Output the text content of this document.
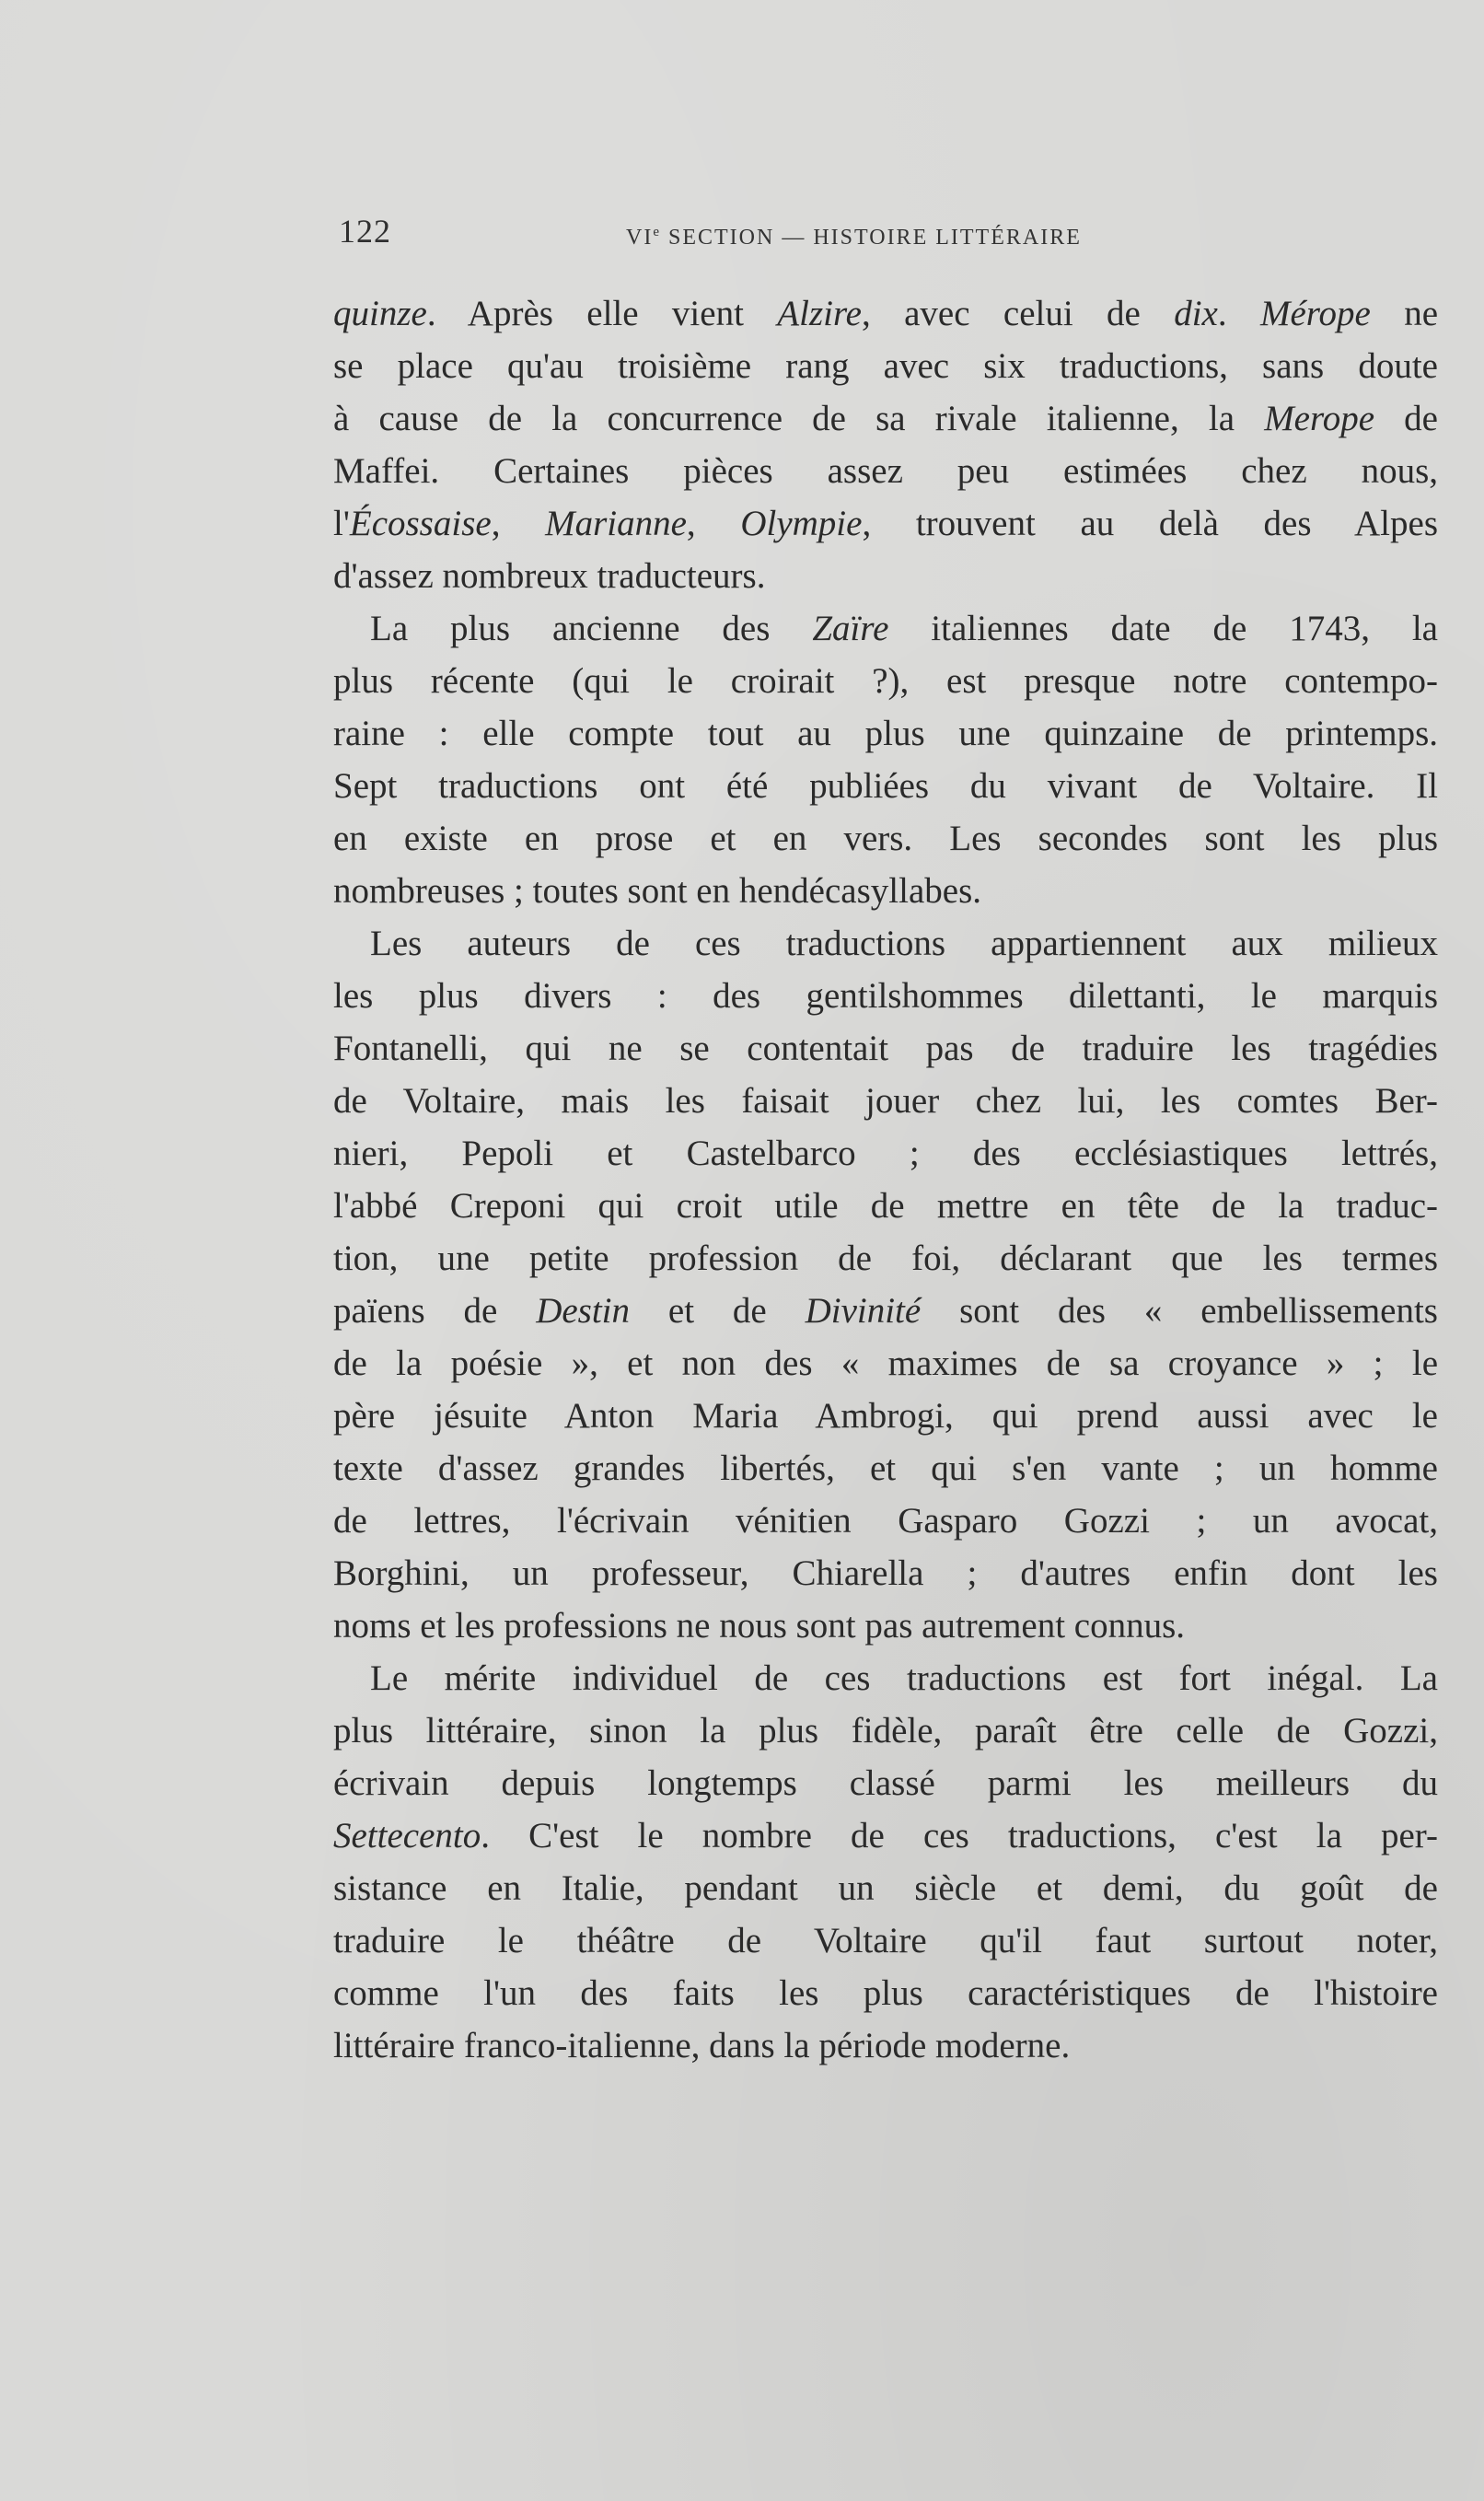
122	VIe SECTION — HISTOIRE LITTÉRAIRE
quinze. Après elle vient Alzire, avec celui de dix. Mérope ne
se place qu'au troisième rang avec six traductions, sans doute
à cause de la concurrence de sa rivale italienne, la Merope de
Maffei. Certaines pièces assez peu estimées chez nous,
l'Écossaise, Marianne, Olympie, trouvent au delà des Alpes
d'assez nombreux traducteurs.
La plus ancienne des Zaïre italiennes date de 1743, la
plus récente (qui le croirait ?), est presque notre contempo-
raine : elle compte tout au plus une quinzaine de printemps.
Sept traductions ont été publiées du vivant de Voltaire. Il
en existe en prose et en vers. Les secondes sont les plus
nombreuses ; toutes sont en hendécasyllabes.
Les auteurs de ces traductions appartiennent aux milieux
les plus divers : des gentilshommes dilettanti, le marquis
Fontanelli, qui ne se contentait pas de traduire les tragédies
de Voltaire, mais les faisait jouer chez lui, les comtes Ber-
nieri, Pepoli et Castelbarco ; des ecclésiastiques lettrés,
l'abbé Creponi qui croit utile de mettre en tête de la traduc-
tion, une petite profession de foi, déclarant que les termes
païens de Destin et de Divinité sont des « embellissements
de la poésie », et non des « maximes de sa croyance » ; le
père jésuite Anton Maria Ambrogi, qui prend aussi avec le
texte d'assez grandes libertés, et qui s'en vante ; un homme
de lettres, l'écrivain vénitien Gasparo Gozzi ; un avocat,
Borghini, un professeur, Chiarella ; d'autres enfin dont les
noms et les professions ne nous sont pas autrement connus.
Le mérite individuel de ces traductions est fort inégal. La
plus littéraire, sinon la plus fidèle, paraît être celle de Gozzi,
écrivain depuis longtemps classé parmi les meilleurs du
Settecento. C'est le nombre de ces traductions, c'est la per-
sistance en Italie, pendant un siècle et demi, du goût de
traduire le théâtre de Voltaire qu'il faut surtout noter,
comme l'un des faits les plus caractéristiques de l'histoire
littéraire franco-italienne, dans la période moderne.
